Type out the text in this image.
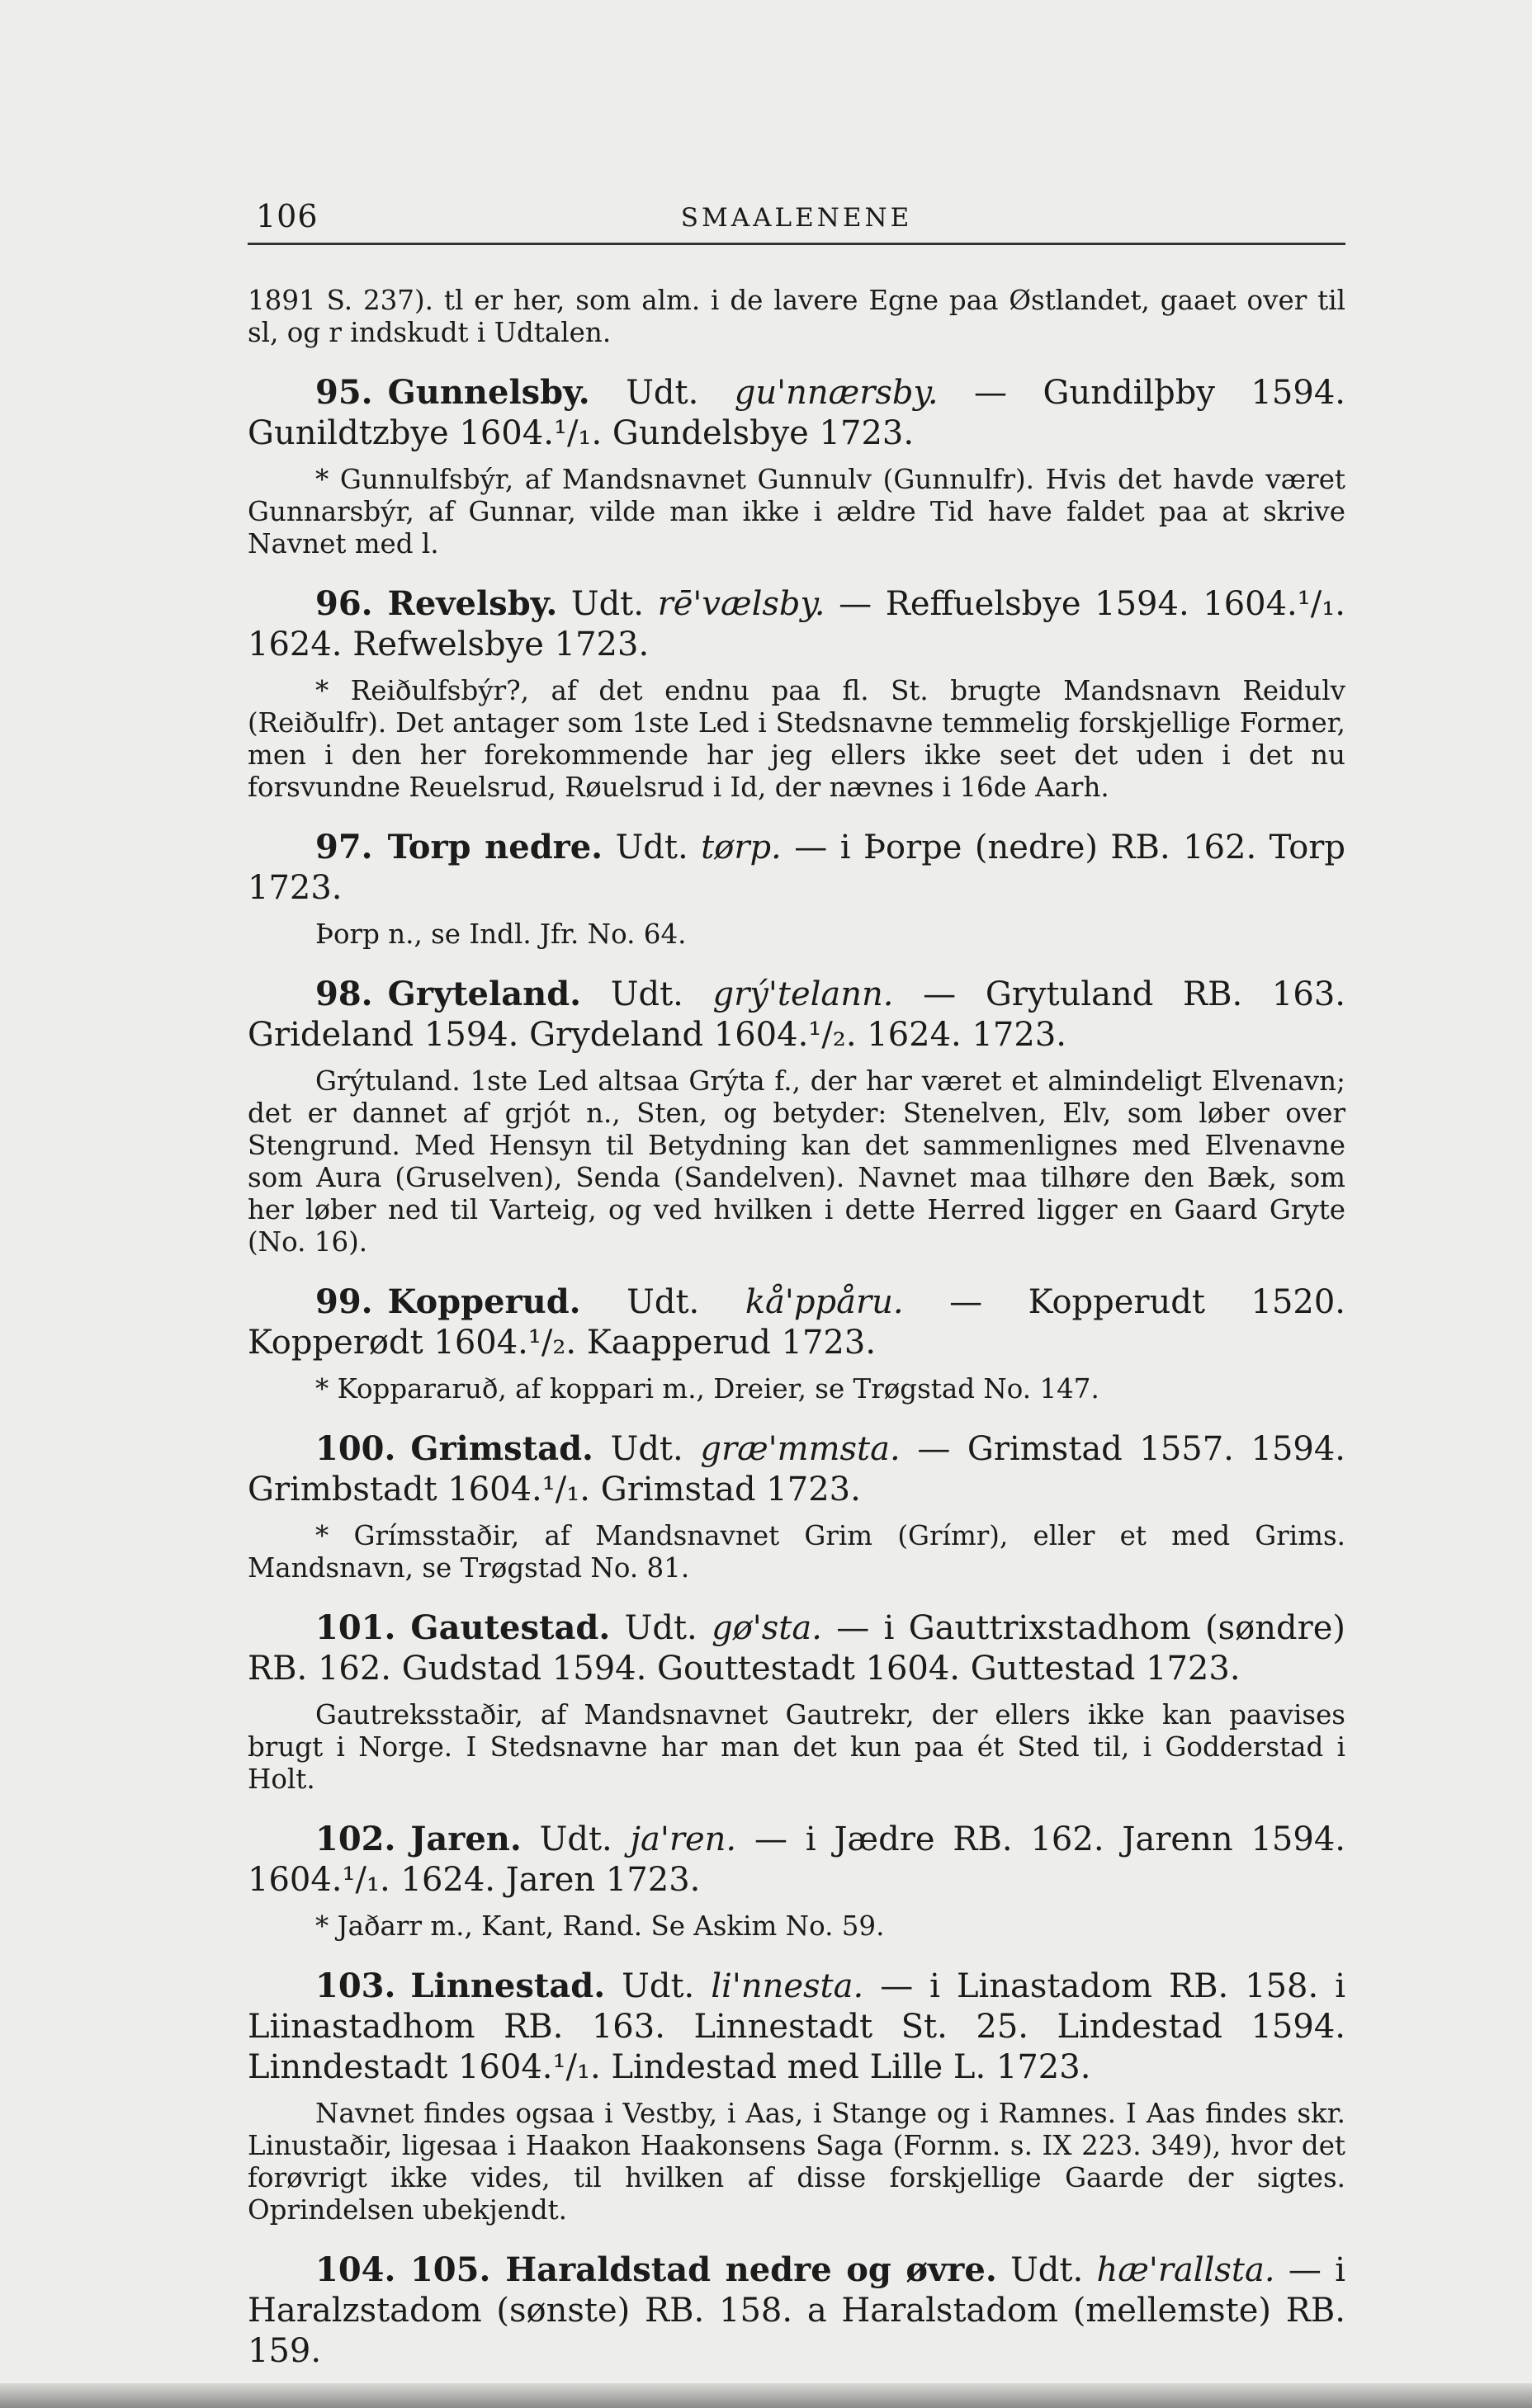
106	SMAALENENE

1891 S. 237). tl er her, som alm. i de lavere Egne paa Østlandet, gaaet over til sl, og r indskudt i Udtalen.

95. Gunnelsby. Udt. gu'nnærsby. — Gundilþby 1594. Gunildtzbye 1604.¹/₁. Gundelsbye 1723.

* Gunnulfsbýr, af Mandsnavnet Gunnulv (Gunnulfr). Hvis det havde været Gunnarsbýr, af Gunnar, vilde man ikke i ældre Tid have faldet paa at skrive Navnet med l.

96. Revelsby. Udt. rē'vælsby. — Reffuelsbye 1594. 1604.¹/₁. 1624. Refwelsbye 1723.

* Reiðulfsbýr?, af det endnu paa fl. St. brugte Mandsnavn Reidulv (Reiðulfr). Det antager som 1ste Led i Stedsnavne temmelig forskjellige Former, men i den her forekommende har jeg ellers ikke seet det uden i det nu forsvundne Reuelsrud, Røuelsrud i Id, der nævnes i 16de Aarh.

97. Torp nedre. Udt. tørp. — i Þorpe (nedre) RB. 162. Torp 1723.

Þorp n., se Indl. Jfr. No. 64.

98. Gryteland. Udt. grý'telann. — Grytuland RB. 163. Grideland 1594. Grydeland 1604.¹/₂. 1624. 1723.

Grýtuland. 1ste Led altsaa Grýta f., der har været et almindeligt Elvenavn; det er dannet af grjót n., Sten, og betyder: Stenelven, Elv, som løber over Stengrund. Med Hensyn til Betydning kan det sammenlignes med Elvenavne som Aura (Gruselven), Senda (Sandelven). Navnet maa tilhøre den Bæk, som her løber ned til Varteig, og ved hvilken i dette Herred ligger en Gaard Gryte (No. 16).

99. Kopperud. Udt. kå'ppåru. — Kopperudt 1520. Kopperødt 1604.¹/₂. Kaapperud 1723.

* Koppararuð, af koppari m., Dreier, se Trøgstad No. 147.

100. Grimstad. Udt. græ'mmsta. — Grimstad 1557. 1594. Grimbstadt 1604.¹/₁. Grimstad 1723.

* Grímsstaðir, af Mandsnavnet Grim (Grímr), eller et med Grims. Mandsnavn, se Trøgstad No. 81.

101. Gautestad. Udt. gø'sta. — i Gauttrixstadhom (søndre) RB. 162. Gudstad 1594. Gouttestadt 1604. Guttestad 1723.

Gautreksstaðir, af Mandsnavnet Gautrekr, der ellers ikke kan paavises brugt i Norge. I Stedsnavne har man det kun paa ét Sted til, i Godderstad i Holt.

102. Jaren. Udt. ja'ren. — i Jædre RB. 162. Jarenn 1594. 1604.¹/₁. 1624. Jaren 1723.

* Jaðarr m., Kant, Rand. Se Askim No. 59.

103. Linnestad. Udt. li'nnesta. — i Linastadom RB. 158. i Liinastadhom RB. 163. Linnestadt St. 25. Lindestad 1594. Linndestadt 1604.¹/₁. Lindestad med Lille L. 1723.

Navnet findes ogsaa i Vestby, i Aas, i Stange og i Ramnes. I Aas findes skr. Linustaðir, ligesaa i Haakon Haakonsens Saga (Fornm. s. IX 223. 349), hvor det forøvrigt ikke vides, til hvilken af disse forskjellige Gaarde der sigtes. Oprindelsen ubekjendt.

104. 105. Haraldstad nedre og øvre. Udt. hæ'rallsta. — i Haralzstadom (sønste) RB. 158. a Haralstadom (mellemste) RB. 159.
